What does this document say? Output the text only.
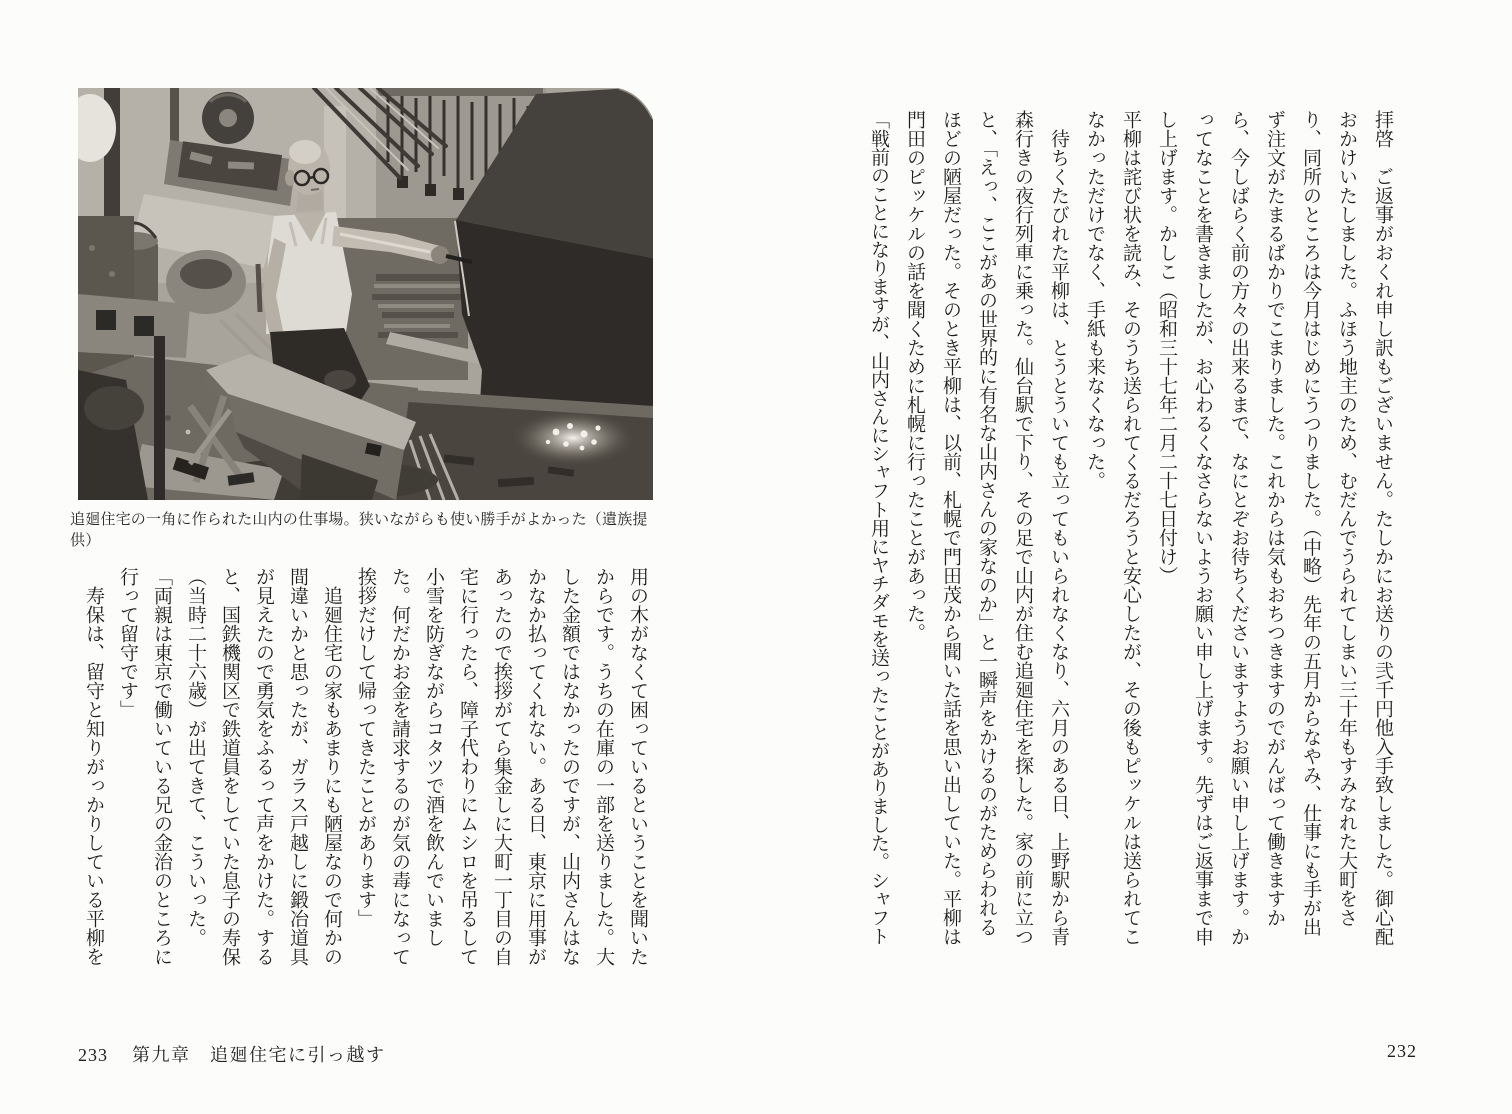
追廻住宅の一角に作られた山内の仕事場。狭いながらも使い勝手がよかった（遺族提供）

用の木がなくて困っているということを聞いたからです。うちの在庫の一部を送りました。大した金額ではなかったのですが、山内さんはなかなか払ってくれない。ある日、東京に用事があったので挨拶がてら集金しに大町一丁目の自宅に行ったら、障子代わりにムシロを吊るして小雪を防ぎながらコタツで酒を飲んでいました。何だかお金を請求するのが気の毒になって挨拶だけして帰ってきたことがあります」

追廻住宅の家もあまりにも陋屋なので何かの間違いかと思ったが、ガラス戸越しに鍛冶道具が見えたので勇気をふるって声をかけた。すると、国鉄機関区で鉄道員をしていた息子の寿保（当時二十六歳）が出てきて、こういった。

「両親は東京で働いている兄の金治のところに行って留守です」

寿保は、留守と知りがっかりしている平柳を

233 第九章　追廻住宅に引っ越す

拝啓　ご返事がおくれ申し訳もございません。たしかにお送りの弐千円他入手致しました。御心配おかけいたしました。ふほう地主のため、むだんでうられてしまい三十年もすみなれた大町をさり、同所のところは今月はじめにうつりました。（中略）先年の五月からなやみ、仕事にも手が出ず注文がたまるばかりでこまりました。これからは気もおちつきますのでがんばって働きますから、今しばらく前の方々の出来るまで、なにとぞお待ちくださいますようお願い申し上げます。かってなことを書きましたが、お心わるくなさらないようお願い申し上げます。先ずはご返事まで申し上げます。かしこ（昭和三十七年二月二十七日付け）

平柳は詫び状を読み、そのうち送られてくるだろうと安心したが、その後もピッケルは送られてこなかっただけでなく、手紙も来なくなった。

待ちくたびれた平柳は、とうとういても立ってもいられなくなり、六月のある日、上野駅から青森行きの夜行列車に乗った。仙台駅で下り、その足で山内が住む追廻住宅を探した。家の前に立つと、「えっ、ここがあの世界的に有名な山内さんの家なのか」と一瞬声をかけるのがためらわれるほどの陋屋だった。そのとき平柳は、以前、札幌で門田茂から聞いた話を思い出していた。平柳は門田のピッケルの話を聞くために札幌に行ったことがあった。

「戦前のことになりますが、山内さんにシャフト用にヤチダモを送ったことがありました。シャフト

232
